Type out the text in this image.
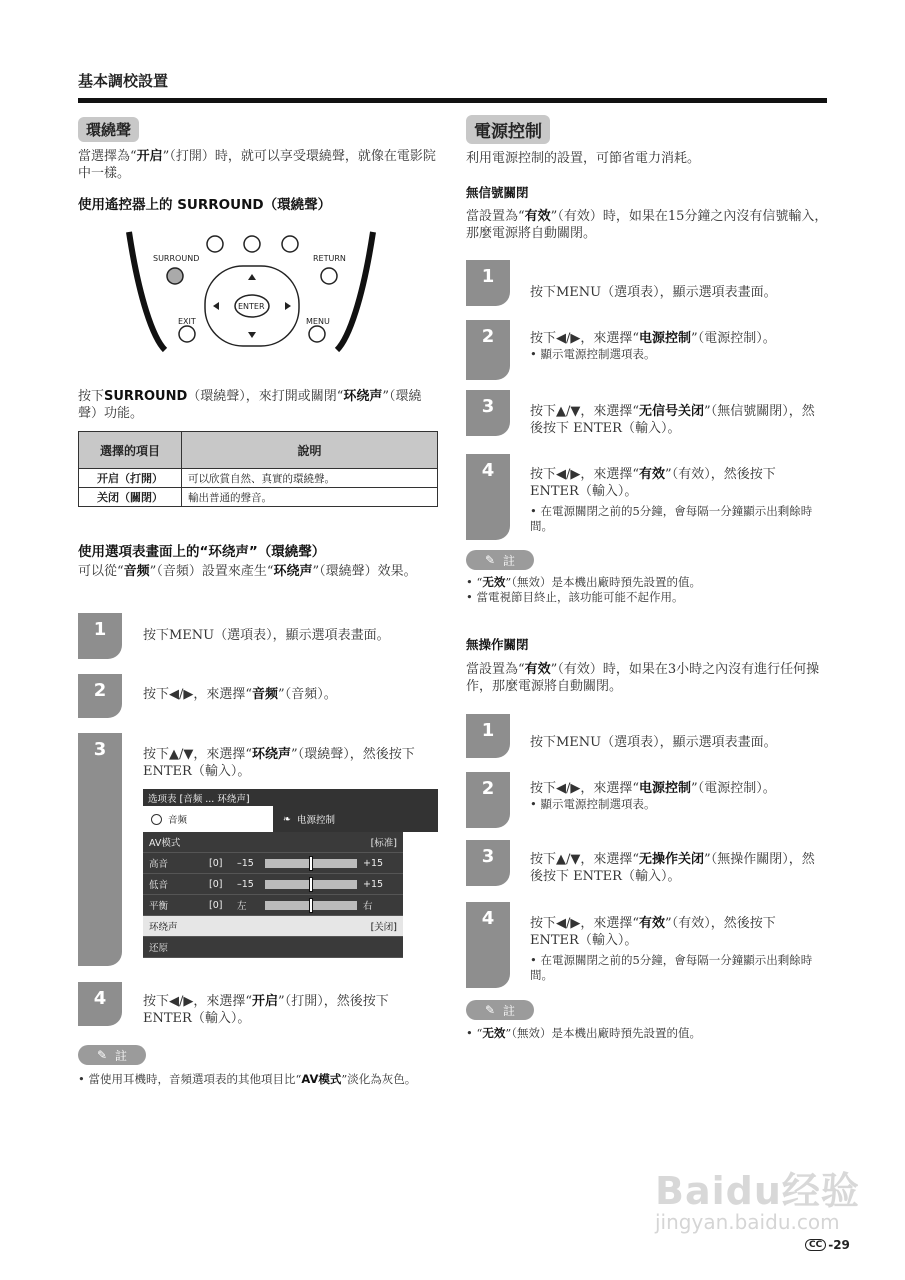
基本調校設置
環繞聲
當選擇為“开启”（打開）時，就可以享受環繞聲，就像在電影院中一樣。
使用遙控器上的 SURROUND（環繞聲）
SURROUND	RETURN
ENTER
EXIT	MENU
按下SURROUND（環繞聲），來打開或關閉“环绕声”（環繞聲）功能。
選擇的項目	說明
开启（打開）	可以欣賞自然、真實的環繞聲。
关闭（關閉）	輸出普通的聲音。
使用選項表畫面上的“环绕声”（環繞聲）
可以從“音频”（音頻）設置來產生“环绕声”（環繞聲）效果。
1	按下MENU（選項表），顯示選項表畫面。
2	按下◀/▶，來選擇“音频”（音頻）。
3	按下▲/▼，來選擇“环绕声”（環繞聲），然後按下ENTER（輸入）。
选项表 [音频 ... 环绕声]
音频	❧ 电源控制
AV模式	[标准]
高音	[0]	–15	+15
低音	[0]	–15	+15
平衡	[0]	左	右
环绕声	[关闭]
还原
4	按下◀/▶，來選擇“开启”（打開），然後按下 ENTER（輸入）。
✎ 註
• 當使用耳機時，音頻選項表的其他項目比“AV模式”淡化為灰色。
電源控制
利用電源控制的設置，可節省電力消耗。
無信號關閉
當設置為“有效”（有效）時，如果在15分鐘之內沒有信號輸入，那麼電源將自動關閉。
1
按下MENU（選項表），顯示選項表畫面。
2	按下◀/▶，來選擇“电源控制”（電源控制）。
• 顯示電源控制選項表。
3	按下▲/▼，來選擇“无信号关闭”（無信號關閉），然後按下 ENTER（輸入）。
4	按下◀/▶，來選擇“有效”（有效），然後按下 ENTER（輸入）。
• 在電源關閉之前的5分鐘，會每隔一分鐘顯示出剩餘時間。
✎ 註
• “无效”（無效）是本機出廠時預先設置的值。
• 當電視節目終止，該功能可能不起作用。
無操作關閉
當設置為“有效”（有效）時，如果在3小時之內沒有進行任何操作，那麼電源將自動關閉。
1
按下MENU（選項表），顯示選項表畫面。
2	按下◀/▶，來選擇“电源控制”（電源控制）。
• 顯示電源控制選項表。
3	按下▲/▼，來選擇“无操作关闭”（無操作關閉），然後按下 ENTER（輸入）。
4	按下◀/▶，來選擇“有效”（有效），然後按下 ENTER（輸入）。
• 在電源關閉之前的5分鐘，會每隔一分鐘顯示出剩餘時間。
✎ 註
• “无效”（無效）是本機出廠時預先設置的值。
Baidu经验
jingyan.baidu.com
CC -29
